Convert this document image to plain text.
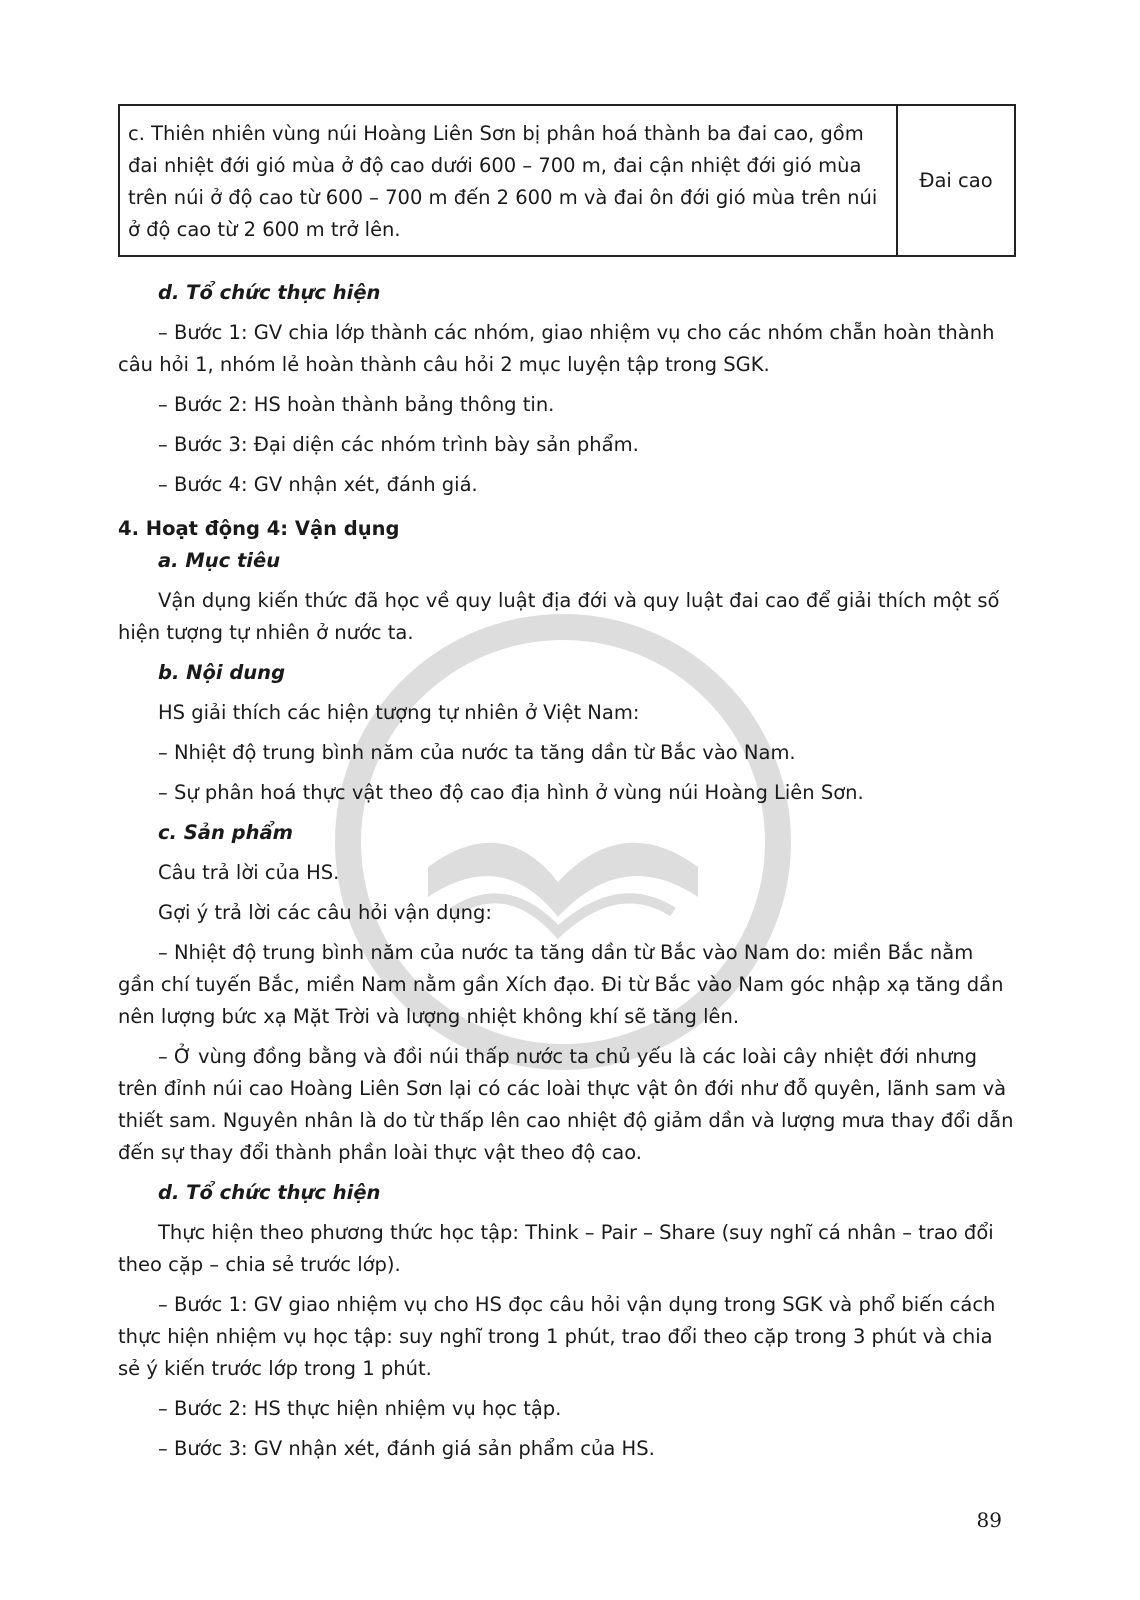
c. Thiên nhiên vùng núi Hoàng Liên Sơn bị phân hoá thành ba đai cao, gồm đai nhiệt đới gió mùa ở độ cao dưới 600 – 700 m, đai cận nhiệt đới gió mùa trên núi ở độ cao từ 600 – 700 m đến 2 600 m và đai ôn đới gió mùa trên núi ở độ cao từ 2 600 m trở lên.	Đai cao

d. Tổ chức thực hiện

– Bước 1: GV chia lớp thành các nhóm, giao nhiệm vụ cho các nhóm chẵn hoàn thành câu hỏi 1, nhóm lẻ hoàn thành câu hỏi 2 mục luyện tập trong SGK.

– Bước 2: HS hoàn thành bảng thông tin.

– Bước 3: Đại diện các nhóm trình bày sản phẩm.

– Bước 4: GV nhận xét, đánh giá.

4. Hoạt động 4: Vận dụng

a. Mục tiêu

Vận dụng kiến thức đã học về quy luật địa đới và quy luật đai cao để giải thích một số hiện tượng tự nhiên ở nước ta.

b. Nội dung

HS giải thích các hiện tượng tự nhiên ở Việt Nam:

– Nhiệt độ trung bình năm của nước ta tăng dần từ Bắc vào Nam.

– Sự phân hoá thực vật theo độ cao địa hình ở vùng núi Hoàng Liên Sơn.

c. Sản phẩm

Câu trả lời của HS.

Gợi ý trả lời các câu hỏi vận dụng:

– Nhiệt độ trung bình năm của nước ta tăng dần từ Bắc vào Nam do: miền Bắc nằm gần chí tuyến Bắc, miền Nam nằm gần Xích đạo. Đi từ Bắc vào Nam góc nhập xạ tăng dần nên lượng bức xạ Mặt Trời và lượng nhiệt không khí sẽ tăng lên.

– Ở vùng đồng bằng và đồi núi thấp nước ta chủ yếu là các loài cây nhiệt đới nhưng trên đỉnh núi cao Hoàng Liên Sơn lại có các loài thực vật ôn đới như đỗ quyên, lãnh sam và thiết sam. Nguyên nhân là do từ thấp lên cao nhiệt độ giảm dần và lượng mưa thay đổi dẫn đến sự thay đổi thành phần loài thực vật theo độ cao.

d. Tổ chức thực hiện

Thực hiện theo phương thức học tập: Think – Pair – Share (suy nghĩ cá nhân – trao đổi theo cặp – chia sẻ trước lớp).

– Bước 1: GV giao nhiệm vụ cho HS đọc câu hỏi vận dụng trong SGK và phổ biến cách thực hiện nhiệm vụ học tập: suy nghĩ trong 1 phút, trao đổi theo cặp trong 3 phút và chia sẻ ý kiến trước lớp trong 1 phút.

– Bước 2: HS thực hiện nhiệm vụ học tập.

– Bước 3: GV nhận xét, đánh giá sản phẩm của HS.

89
